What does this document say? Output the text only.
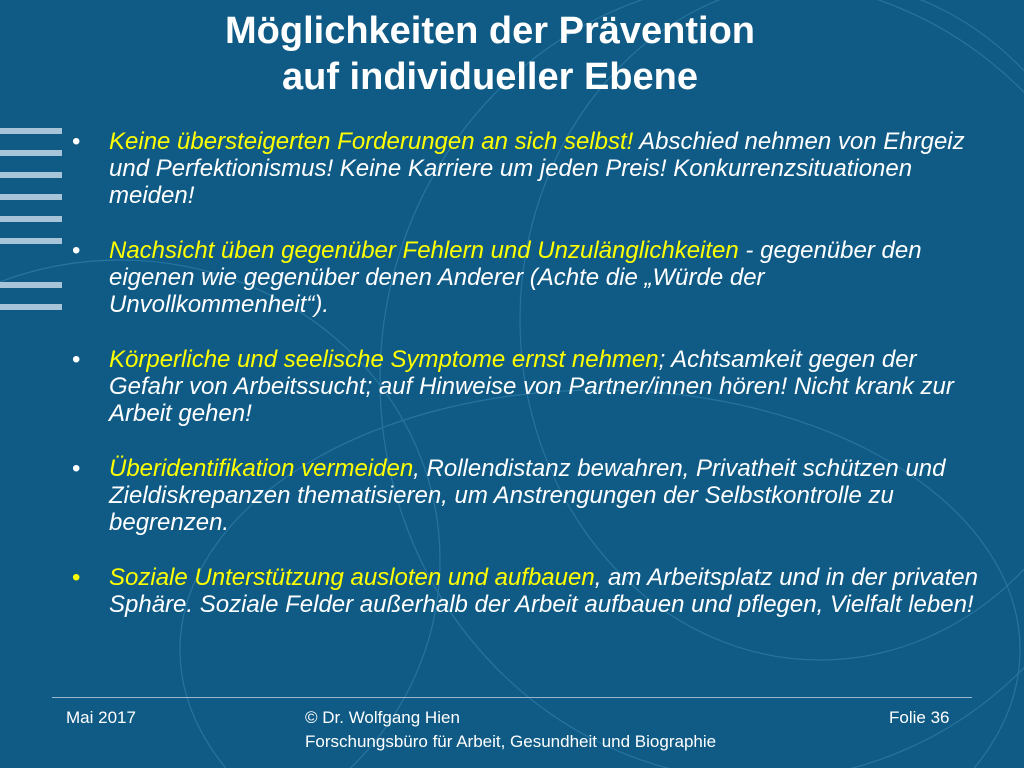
Möglichkeiten der Prävention
auf individueller Ebene
• Keine übersteigerten Forderungen an sich selbst! Abschied nehmen von Ehrgeiz und Perfektionismus! Keine Karriere um jeden Preis! Konkurrenzsituationen meiden!
• Nachsicht üben gegenüber Fehlern und Unzulänglichkeiten - gegenüber den eigenen wie gegenüber denen Anderer (Achte die „Würde der Unvollkommenheit“).
• Körperliche und seelische Symptome ernst nehmen; Achtsamkeit gegen der Gefahr von Arbeitssucht; auf Hinweise von Partner/innen hören! Nicht krank zur Arbeit gehen!
• Überidentifikation vermeiden, Rollendistanz bewahren, Privatheit schützen und Zieldiskrepanzen thematisieren, um Anstrengungen der Selbstkontrolle zu begrenzen.
• Soziale Unterstützung ausloten und aufbauen, am Arbeitsplatz und in der privaten Sphäre. Soziale Felder außerhalb der Arbeit aufbauen und pflegen, Vielfalt leben!
Mai 2017	© Dr. Wolfgang Hien
Forschungsbüro für Arbeit, Gesundheit und Biographie
Folie 36
